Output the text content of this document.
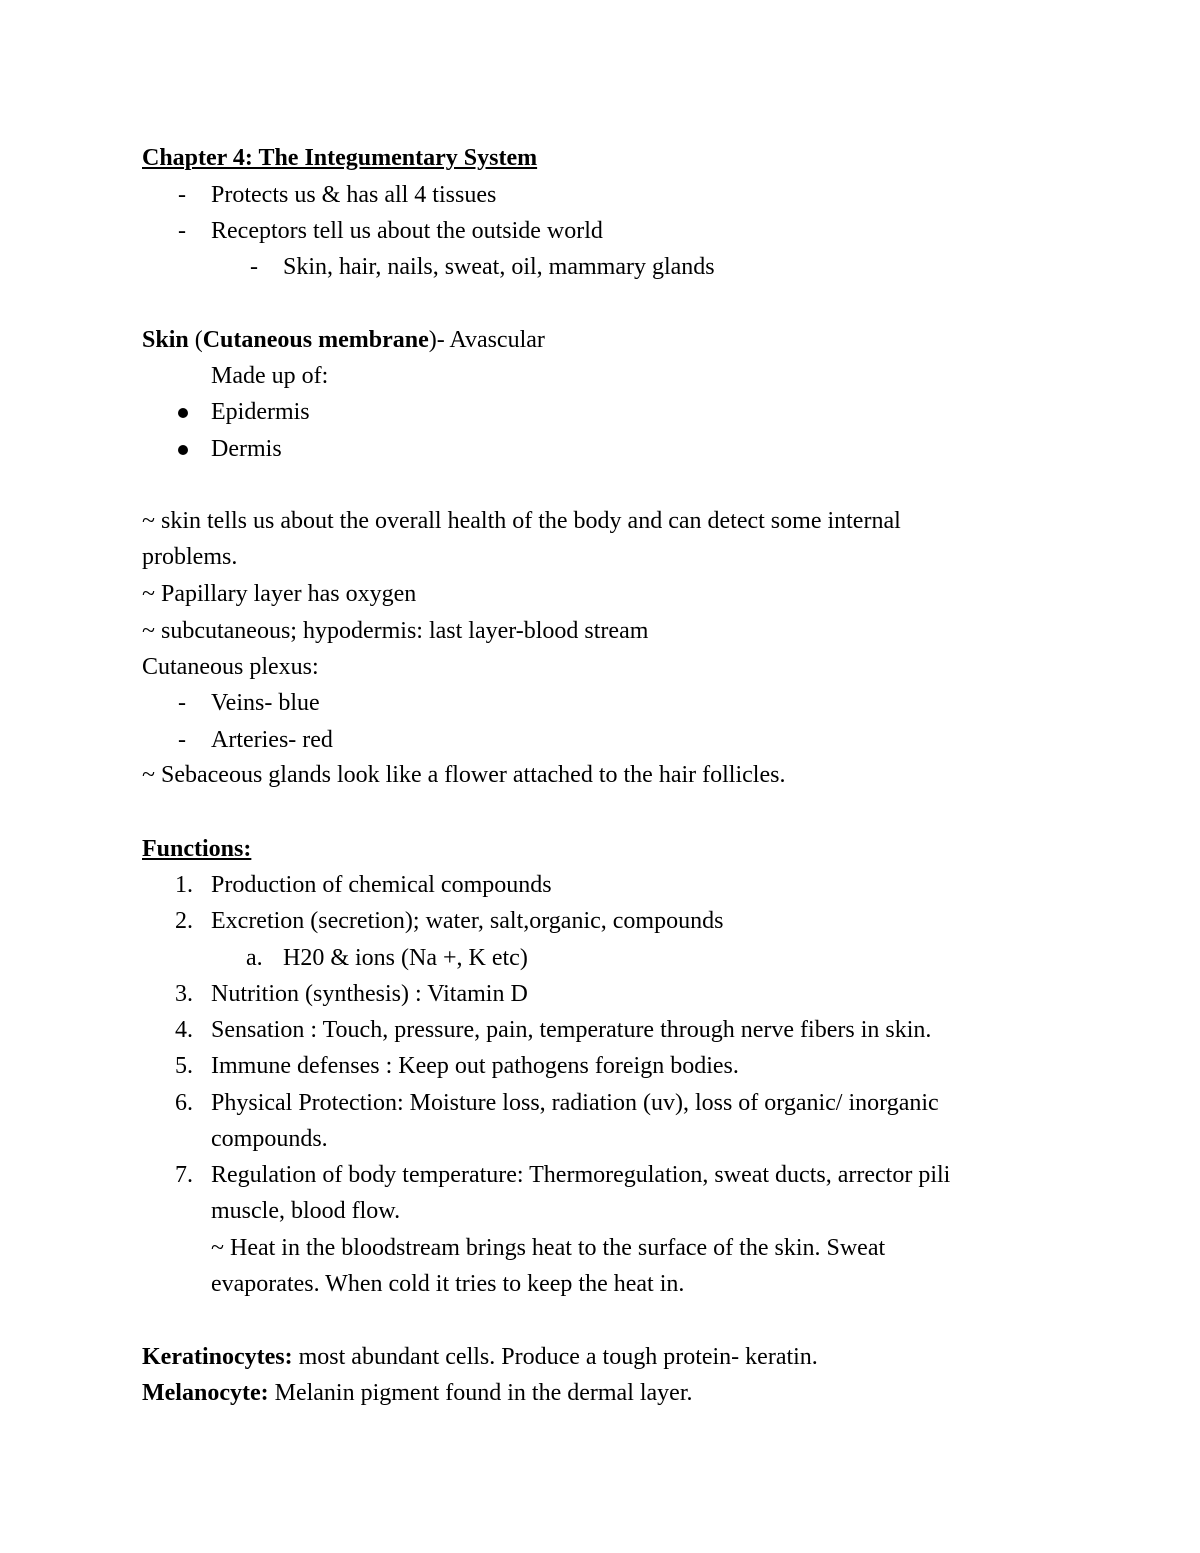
Chapter 4: The Integumentary System
- Protects us & has all 4 tissues
- Receptors tell us about the outside world
- Skin, hair, nails, sweat, oil, mammary glands
Skin (Cutaneous membrane)- Avascular
Made up of:
Epidermis
Dermis
~ skin tells us about the overall health of the body and can detect some internal
problems.
~ Papillary layer has oxygen
~ subcutaneous; hypodermis: last layer-blood stream
Cutaneous plexus:
- Veins- blue
- Arteries- red
~ Sebaceous glands look like a flower attached to the hair follicles.
Functions:
1. Production of chemical compounds
2. Excretion (secretion); water, salt,organic, compounds
a. H20 & ions (Na +, K etc)
3. Nutrition (synthesis) : Vitamin D
4. Sensation : Touch, pressure, pain, temperature through nerve fibers in skin.
5. Immune defenses : Keep out pathogens foreign bodies.
6. Physical Protection: Moisture loss, radiation (uv), loss of organic/ inorganic
compounds.
7. Regulation of body temperature: Thermoregulation, sweat ducts, arrector pili
muscle, blood flow.
~ Heat in the bloodstream brings heat to the surface of the skin. Sweat
evaporates. When cold it tries to keep the heat in.
Keratinocytes: most abundant cells. Produce a tough protein- keratin.
Melanocyte: Melanin pigment found in the dermal layer.
